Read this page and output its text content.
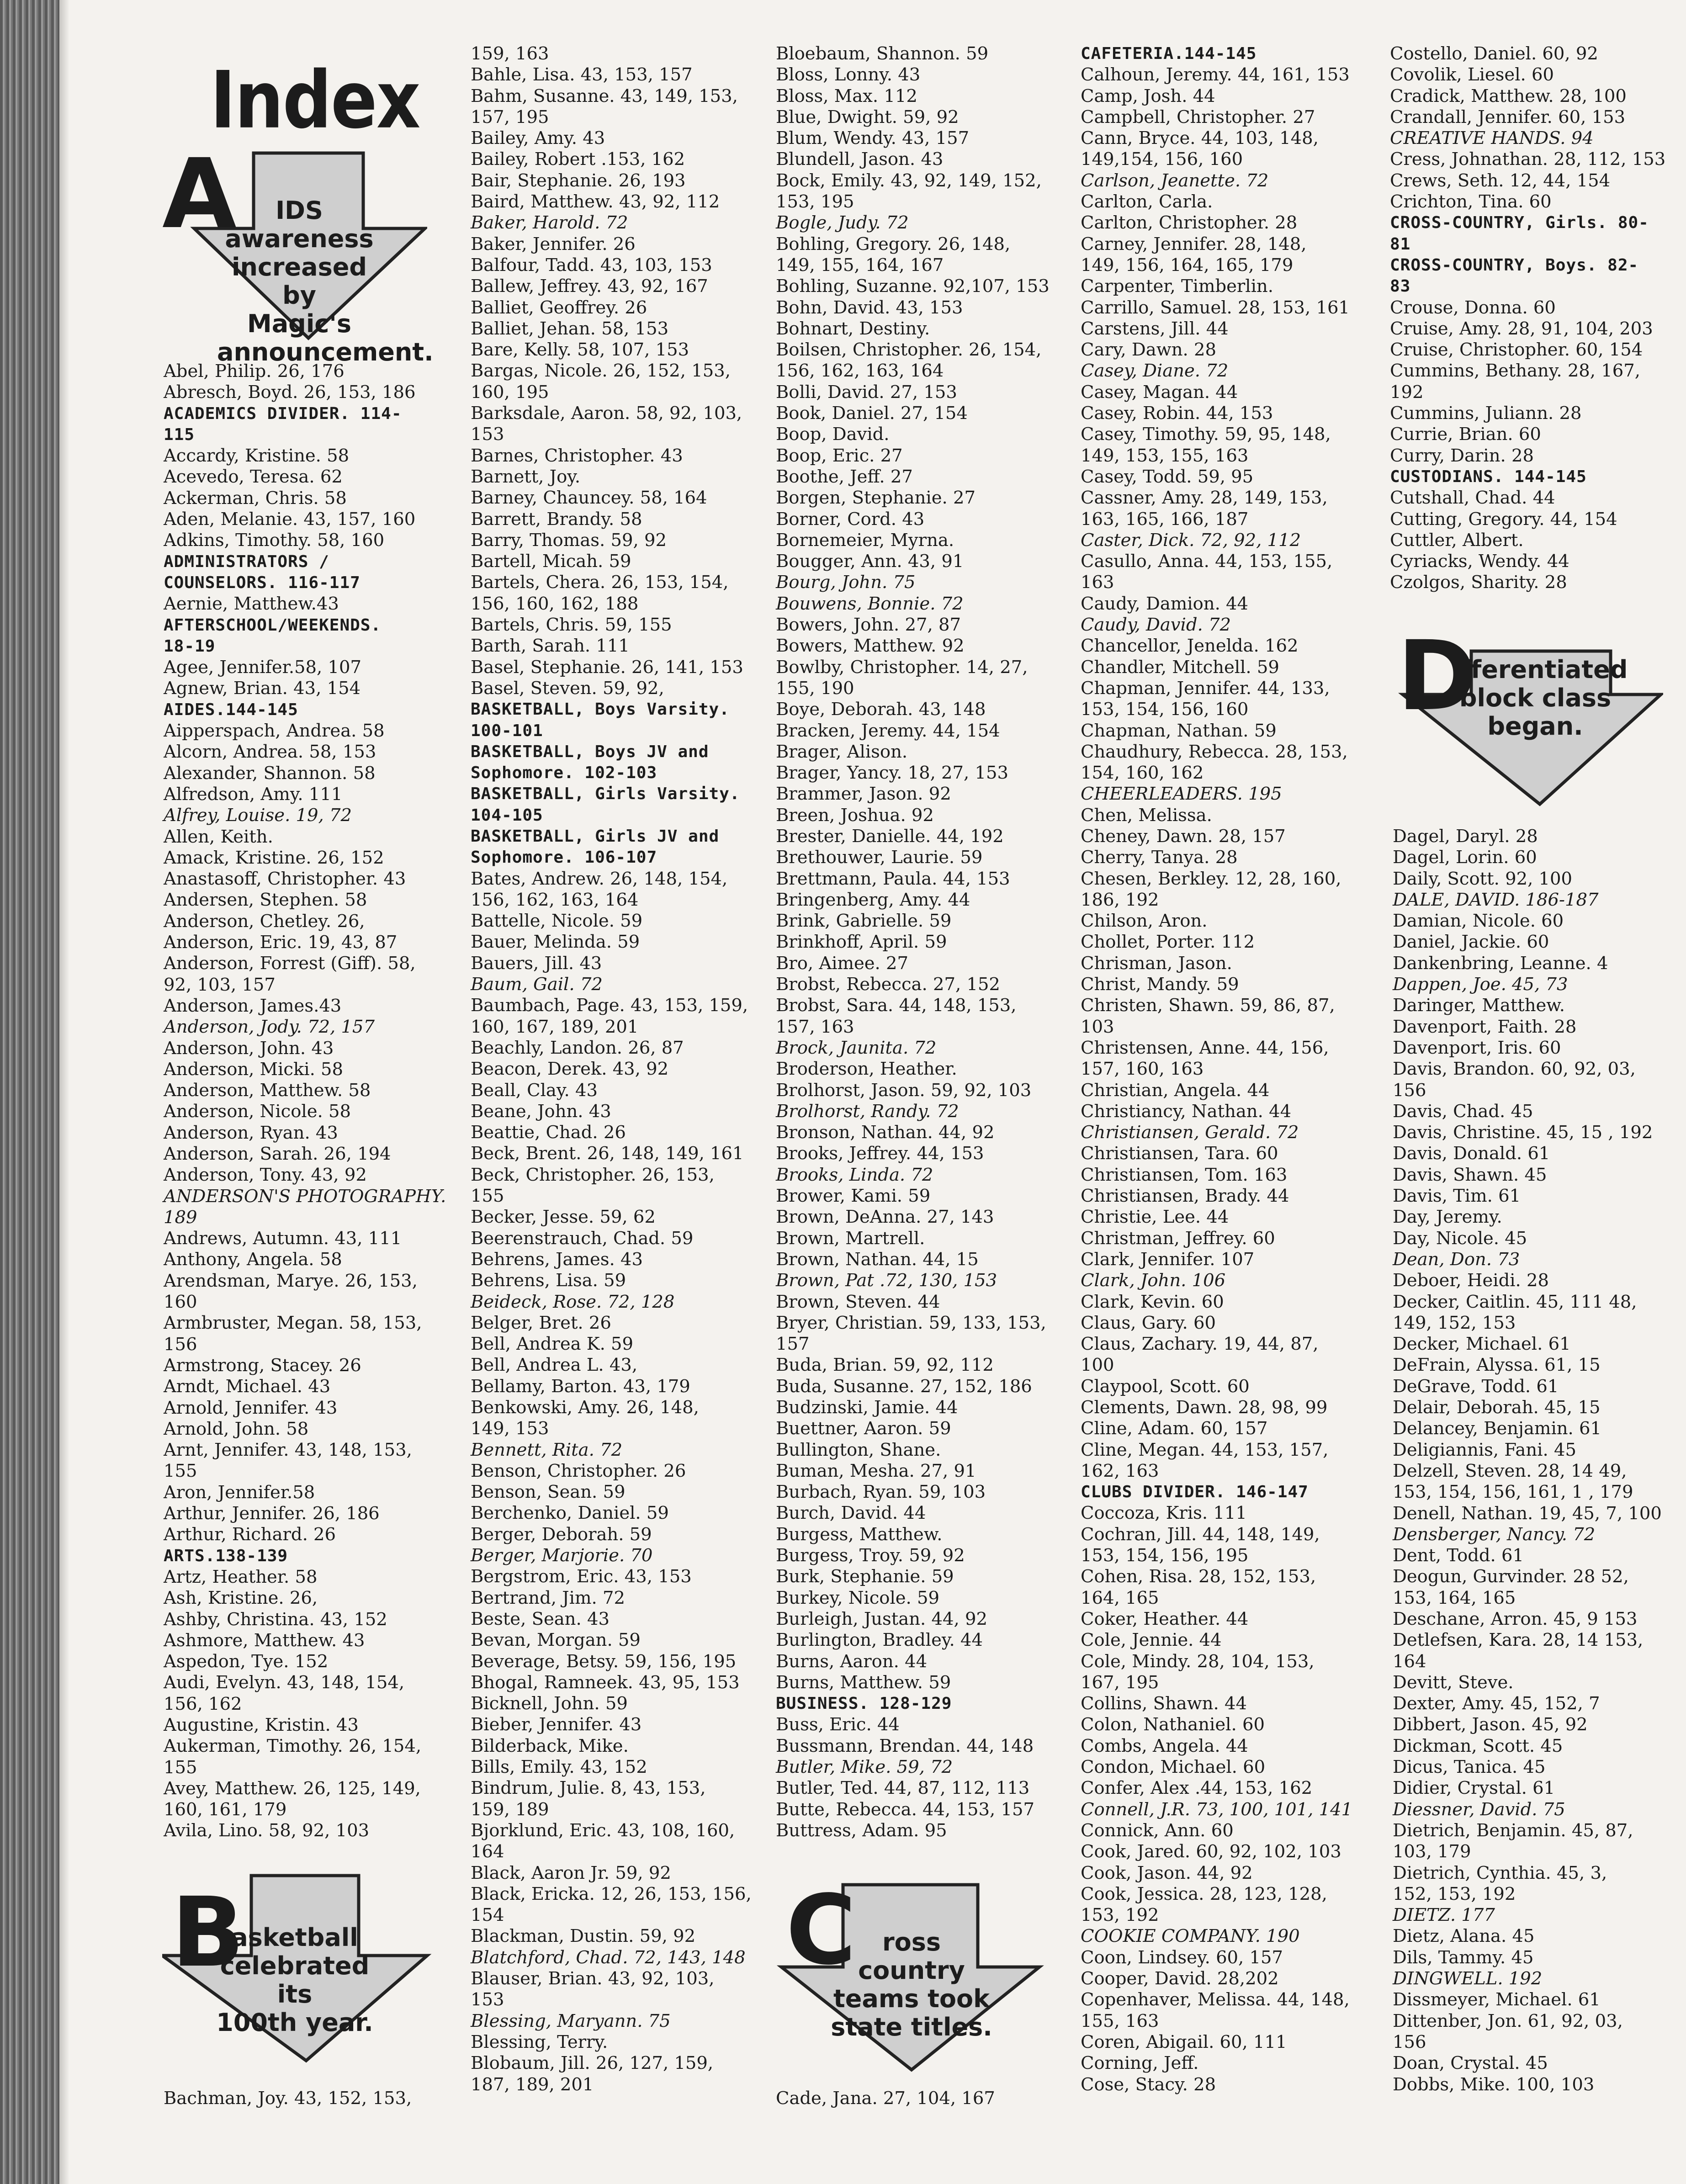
Index
A	IDS awareness
increased by
Magic's
announcement.
B
asketball
celebrated its
100th year.
C	ross country
teams took
state titles.
D
ifferentiated
block class
began.
Abel, Philip. 26, 176
Abresch, Boyd. 26, 153, 186
ACADEMICS DIVIDER. 114-
115
Accardy, Kristine. 58
Acevedo, Teresa. 62
Ackerman, Chris. 58
Aden, Melanie. 43, 157, 160
Adkins, Timothy. 58, 160
ADMINISTRATORS /
COUNSELORS. 116-117
Aernie, Matthew.43
AFTERSCHOOL/WEEKENDS.
18-19
Agee, Jennifer.58, 107
Agnew, Brian. 43, 154
AIDES.144-145
Aipperspach, Andrea. 58
Alcorn, Andrea. 58, 153
Alexander, Shannon. 58
Alfredson, Amy. 111
Alfrey, Louise. 19, 72
Allen, Keith.
Amack, Kristine. 26, 152
Anastasoff, Christopher. 43
Andersen, Stephen. 58
Anderson, Chetley. 26,
Anderson, Eric. 19, 43, 87
Anderson, Forrest (Giff). 58,
92, 103, 157
Anderson, James.43
Anderson, Jody. 72, 157
Anderson, John. 43
Anderson, Micki. 58
Anderson, Matthew. 58
Anderson, Nicole. 58
Anderson, Ryan. 43
Anderson, Sarah. 26, 194
Anderson, Tony. 43, 92
ANDERSON'S PHOTOGRAPHY.
189
Andrews, Autumn. 43, 111
Anthony, Angela. 58
Arendsman, Marye. 26, 153,
160
Armbruster, Megan. 58, 153,
156
Armstrong, Stacey. 26
Arndt, Michael. 43
Arnold, Jennifer. 43
Arnold, John. 58
Arnt, Jennifer. 43, 148, 153,
155
Aron, Jennifer.58
Arthur, Jennifer. 26, 186
Arthur, Richard. 26
ARTS.138-139
Artz, Heather. 58
Ash, Kristine. 26,
Ashby, Christina. 43, 152
Ashmore, Matthew. 43
Aspedon, Tye. 152
Audi, Evelyn. 43, 148, 154,
156, 162
Augustine, Kristin. 43
Aukerman, Timothy. 26, 154,
155
Avey, Matthew. 26, 125, 149,
160, 161, 179
Avila, Lino. 58, 92, 103
159, 163
Bahle, Lisa. 43, 153, 157
Bahm, Susanne. 43, 149, 153,
157, 195
Bailey, Amy. 43
Bailey, Robert .153, 162
Bair, Stephanie. 26, 193
Baird, Matthew. 43, 92, 112
Baker, Harold. 72
Baker, Jennifer. 26
Balfour, Tadd. 43, 103, 153
Ballew, Jeffrey. 43, 92, 167
Balliet, Geoffrey. 26
Balliet, Jehan. 58, 153
Bare, Kelly. 58, 107, 153
Bargas, Nicole. 26, 152, 153,
160, 195
Barksdale, Aaron. 58, 92, 103,
153
Barnes, Christopher. 43
Barnett, Joy.
Barney, Chauncey. 58, 164
Barrett, Brandy. 58
Barry, Thomas. 59, 92
Bartell, Micah. 59
Bartels, Chera. 26, 153, 154,
156, 160, 162, 188
Bartels, Chris. 59, 155
Barth, Sarah. 111
Basel, Stephanie. 26, 141, 153
Basel, Steven. 59, 92,
BASKETBALL, Boys Varsity.
100-101
BASKETBALL, Boys JV and
Sophomore. 102-103
BASKETBALL, Girls Varsity.
104-105
BASKETBALL, Girls JV and
Sophomore. 106-107
Bates, Andrew. 26, 148, 154,
156, 162, 163, 164
Battelle, Nicole. 59
Bauer, Melinda. 59
Bauers, Jill. 43
Baum, Gail. 72
Baumbach, Page. 43, 153, 159,
160, 167, 189, 201
Beachly, Landon. 26, 87
Beacon, Derek. 43, 92
Beall, Clay. 43
Beane, John. 43
Beattie, Chad. 26
Beck, Brent. 26, 148, 149, 161
Beck, Christopher. 26, 153,
155
Becker, Jesse. 59, 62
Beerenstrauch, Chad. 59
Behrens, James. 43
Behrens, Lisa. 59
Beideck, Rose. 72, 128
Belger, Bret. 26
Bell, Andrea K. 59
Bell, Andrea L. 43,
Bellamy, Barton. 43, 179
Benkowski, Amy. 26, 148,
149, 153
Bennett, Rita. 72
Benson, Christopher. 26
Benson, Sean. 59
Berchenko, Daniel. 59
Berger, Deborah. 59
Berger, Marjorie. 70
Bergstrom, Eric. 43, 153
Bertrand, Jim. 72
Beste, Sean. 43
Bevan, Morgan. 59
Beverage, Betsy. 59, 156, 195
Bhogal, Ramneek. 43, 95, 153
Bicknell, John. 59
Bieber, Jennifer. 43
Bilderback, Mike.
Bills, Emily. 43, 152
Bindrum, Julie. 8, 43, 153,
159, 189
Bjorklund, Eric. 43, 108, 160,
164
Black, Aaron Jr. 59, 92
Black, Ericka. 12, 26, 153, 156,
154
Blackman, Dustin. 59, 92
Blatchford, Chad. 72, 143, 148
Blauser, Brian. 43, 92, 103,
153
Blessing, Maryann. 75
Blessing, Terry.
Blobaum, Jill. 26, 127, 159,
187, 189, 201
Bloebaum, Shannon. 59
Bloss, Lonny. 43
Bloss, Max. 112
Blue, Dwight. 59, 92
Blum, Wendy. 43, 157
Blundell, Jason. 43
Bock, Emily. 43, 92, 149, 152,
153, 195
Bogle, Judy. 72
Bohling, Gregory. 26, 148,
149, 155, 164, 167
Bohling, Suzanne. 92,107, 153
Bohn, David. 43, 153
Bohnart, Destiny.
Boilsen, Christopher. 26, 154,
156, 162, 163, 164
Bolli, David. 27, 153
Book, Daniel. 27, 154
Boop, David.
Boop, Eric. 27
Boothe, Jeff. 27
Borgen, Stephanie. 27
Borner, Cord. 43
Bornemeier, Myrna.
Bougger, Ann. 43, 91
Bourg, John. 75
Bouwens, Bonnie. 72
Bowers, John. 27, 87
Bowers, Matthew. 92
Bowlby, Christopher. 14, 27,
155, 190
Boye, Deborah. 43, 148
Bracken, Jeremy. 44, 154
Brager, Alison.
Brager, Yancy. 18, 27, 153
Brammer, Jason. 92
Breen, Joshua. 92
Brester, Danielle. 44, 192
Brethouwer, Laurie. 59
Brettmann, Paula. 44, 153
Bringenberg, Amy. 44
Brink, Gabrielle. 59
Brinkhoff, April. 59
Bro, Aimee. 27
Brobst, Rebecca. 27, 152
Brobst, Sara. 44, 148, 153,
157, 163
Brock, Jaunita. 72
Broderson, Heather.
Brolhorst, Jason. 59, 92, 103
Brolhorst, Randy. 72
Bronson, Nathan. 44, 92
Brooks, Jeffrey. 44, 153
Brooks, Linda. 72
Brower, Kami. 59
Brown, DeAnna. 27, 143
Brown, Martrell.
Brown, Nathan. 44, 15
Brown, Pat .72, 130, 153
Brown, Steven. 44
Bryer, Christian. 59, 133, 153,
157
Buda, Brian. 59, 92, 112
Buda, Susanne. 27, 152, 186
Budzinski, Jamie. 44
Buettner, Aaron. 59
Bullington, Shane.
Buman, Mesha. 27, 91
Burbach, Ryan. 59, 103
Burch, David. 44
Burgess, Matthew.
Burgess, Troy. 59, 92
Burk, Stephanie. 59
Burkey, Nicole. 59
Burleigh, Justan. 44, 92
Burlington, Bradley. 44
Burns, Aaron. 44
Burns, Matthew. 59
BUSINESS. 128-129
Buss, Eric. 44
Bussmann, Brendan. 44, 148
Butler, Mike. 59, 72
Butler, Ted. 44, 87, 112, 113
Butte, Rebecca. 44, 153, 157
Buttress, Adam. 95
CAFETERIA.144-145
Calhoun, Jeremy. 44, 161, 153
Camp, Josh. 44
Campbell, Christopher. 27
Cann, Bryce. 44, 103, 148,
149,154, 156, 160
Carlson, Jeanette. 72
Carlton, Carla.
Carlton, Christopher. 28
Carney, Jennifer. 28, 148,
149, 156, 164, 165, 179
Carpenter, Timberlin.
Carrillo, Samuel. 28, 153, 161
Carstens, Jill. 44
Cary, Dawn. 28
Casey, Diane. 72
Casey, Magan. 44
Casey, Robin. 44, 153
Casey, Timothy. 59, 95, 148,
149, 153, 155, 163
Casey, Todd. 59, 95
Cassner, Amy. 28, 149, 153,
163, 165, 166, 187
Caster, Dick. 72, 92, 112
Casullo, Anna. 44, 153, 155,
163
Caudy, Damion. 44
Caudy, David. 72
Chancellor, Jenelda. 162
Chandler, Mitchell. 59
Chapman, Jennifer. 44, 133,
153, 154, 156, 160
Chapman, Nathan. 59
Chaudhury, Rebecca. 28, 153,
154, 160, 162
CHEERLEADERS. 195
Chen, Melissa.
Cheney, Dawn. 28, 157
Cherry, Tanya. 28
Chesen, Berkley. 12, 28, 160,
186, 192
Chilson, Aron.
Chollet, Porter. 112
Chrisman, Jason.
Christ, Mandy. 59
Christen, Shawn. 59, 86, 87,
103
Christensen, Anne. 44, 156,
157, 160, 163
Christian, Angela. 44
Christiancy, Nathan. 44
Christiansen, Gerald. 72
Christiansen, Tara. 60
Christiansen, Tom. 163
Christiansen, Brady. 44
Christie, Lee. 44
Christman, Jeffrey. 60
Clark, Jennifer. 107
Clark, John. 106
Clark, Kevin. 60
Claus, Gary. 60
Claus, Zachary. 19, 44, 87,
100
Claypool, Scott. 60
Clements, Dawn. 28, 98, 99
Cline, Adam. 60, 157
Cline, Megan. 44, 153, 157,
162, 163
CLUBS DIVIDER. 146-147
Coccoza, Kris. 111
Cochran, Jill. 44, 148, 149,
153, 154, 156, 195
Cohen, Risa. 28, 152, 153,
164, 165
Coker, Heather. 44
Cole, Jennie. 44
Cole, Mindy. 28, 104, 153,
167, 195
Collins, Shawn. 44
Colon, Nathaniel. 60
Combs, Angela. 44
Condon, Michael. 60
Confer, Alex .44, 153, 162
Connell, J.R. 73, 100, 101, 141
Connick, Ann. 60
Cook, Jared. 60, 92, 102, 103
Cook, Jason. 44, 92
Cook, Jessica. 28, 123, 128,
153, 192
COOKIE COMPANY. 190
Coon, Lindsey. 60, 157
Cooper, David. 28,202
Copenhaver, Melissa. 44, 148,
155, 163
Coren, Abigail. 60, 111
Corning, Jeff.
Cose, Stacy. 28
Costello, Daniel. 60, 92
Covolik, Liesel. 60
Cradick, Matthew. 28, 100
Crandall, Jennifer. 60, 153
CREATIVE HANDS. 94
Cress, Johnathan. 28, 112, 153
Crews, Seth. 12, 44, 154
Crichton, Tina. 60
CROSS-COUNTRY, Girls. 80-
81
CROSS-COUNTRY, Boys. 82-
83
Crouse, Donna. 60
Cruise, Amy. 28, 91, 104, 203
Cruise, Christopher. 60, 154
Cummins, Bethany. 28, 167,
192
Cummins, Juliann. 28
Currie, Brian. 60
Curry, Darin. 28
CUSTODIANS. 144-145
Cutshall, Chad. 44
Cutting, Gregory. 44, 154
Cuttler, Albert.
Cyriacks, Wendy. 44
Czolgos, Sharity. 28
Dagel, Daryl. 28
Dagel, Lorin. 60
Daily, Scott. 92, 100
DALE, DAVID. 186-187
Damian, Nicole. 60
Daniel, Jackie. 60
Dankenbring, Leanne. 4
Dappen, Joe. 45, 73
Daringer, Matthew.
Davenport, Faith. 28
Davenport, Iris. 60
Davis, Brandon. 60, 92, 03,
156
Davis, Chad. 45
Davis, Christine. 45, 15 , 192
Davis, Donald. 61
Davis, Shawn. 45
Davis, Tim. 61
Day, Jeremy.
Day, Nicole. 45
Dean, Don. 73
Deboer, Heidi. 28
Decker, Caitlin. 45, 111 48,
149, 152, 153
Decker, Michael. 61
DeFrain, Alyssa. 61, 15
DeGrave, Todd. 61
Delair, Deborah. 45, 15
Delancey, Benjamin. 61
Deligiannis, Fani. 45
Delzell, Steven. 28, 14 49,
153, 154, 156, 161, 1 , 179
Denell, Nathan. 19, 45, 7, 100
Densberger, Nancy. 72
Dent, Todd. 61
Deogun, Gurvinder. 28 52,
153, 164, 165
Deschane, Arron. 45, 9 153
Detlefsen, Kara. 28, 14 153,
164
Devitt, Steve.
Dexter, Amy. 45, 152, 7
Dibbert, Jason. 45, 92
Dickman, Scott. 45
Dicus, Tanica. 45
Didier, Crystal. 61
Diessner, David. 75
Dietrich, Benjamin. 45, 87,
103, 179
Dietrich, Cynthia. 45, 3,
152, 153, 192
DIETZ. 177
Dietz, Alana. 45
Dils, Tammy. 45
DINGWELL. 192
Dissmeyer, Michael. 61
Dittenber, Jon. 61, 92, 03,
156
Doan, Crystal. 45
Dobbs, Mike. 100, 103
Bachman, Joy. 43, 152, 153,	Cade, Jana. 27, 104, 167
